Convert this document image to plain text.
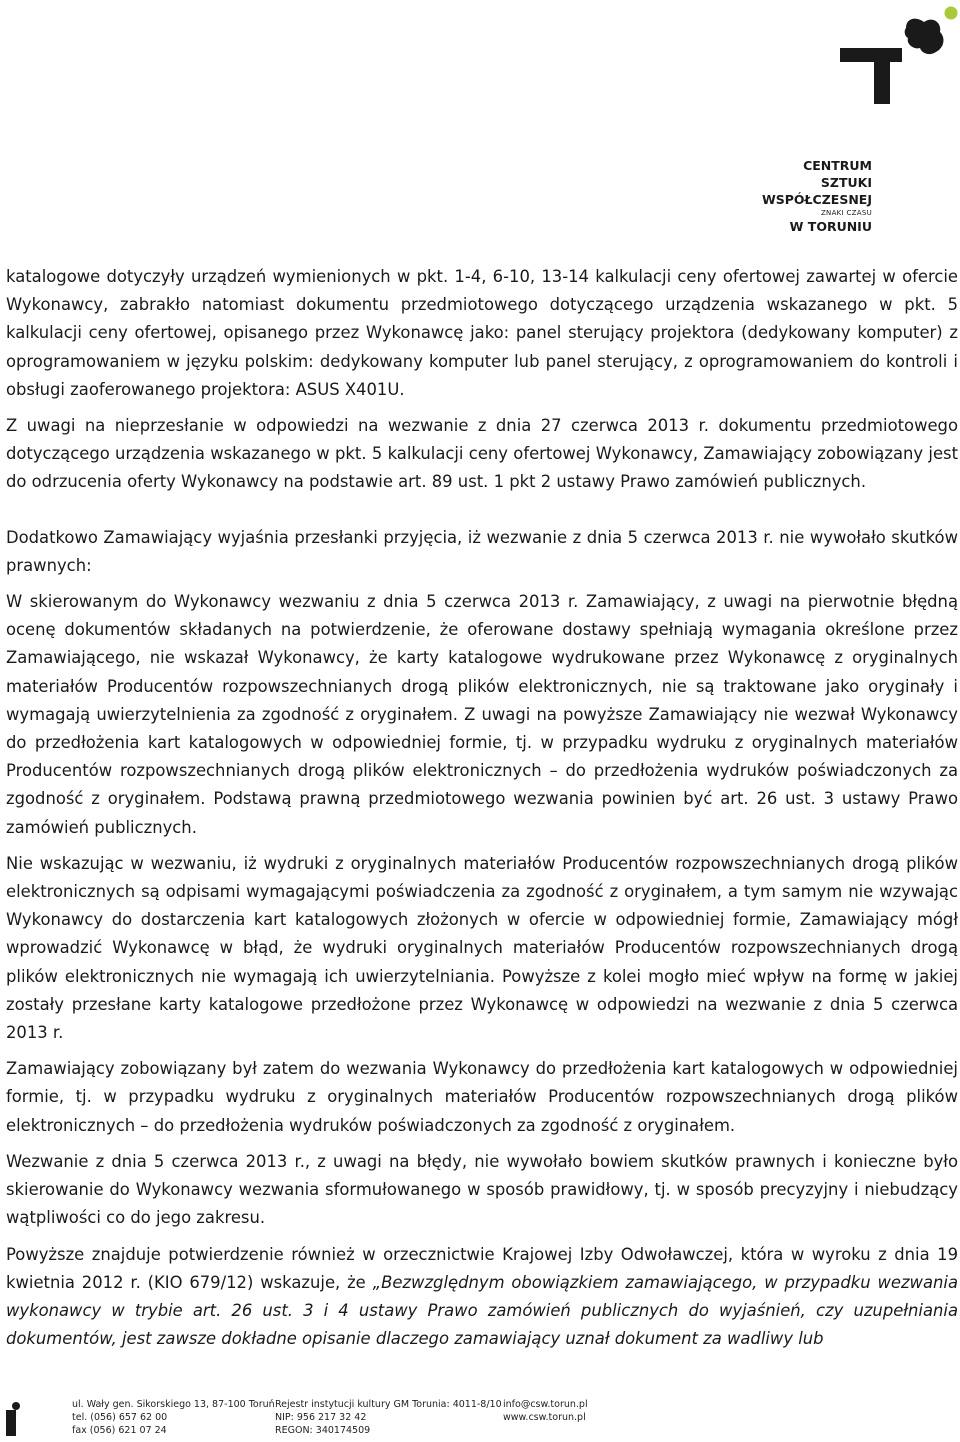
CENTRUM
SZTUKI
WSPÓŁCZESNEJ
ZNAKI CZASU
W TORUNIU

katalogowe dotyczyły urządzeń wymienionych w pkt. 1-4, 6-10, 13-14 kalkulacji ceny ofertowej zawartej w ofercie Wykonawcy, zabrakło natomiast dokumentu przedmiotowego dotyczącego urządzenia wskazanego w pkt. 5 kalkulacji ceny ofertowej, opisanego przez Wykonawcę jako: panel sterujący projektora (dedykowany komputer) z oprogramowaniem w języku polskim: dedykowany komputer lub panel sterujący, z oprogramowaniem do kontroli i obsługi zaoferowanego projektora: ASUS X401U.

Z uwagi na nieprzesłanie w odpowiedzi na wezwanie z dnia 27 czerwca 2013 r. dokumentu przedmiotowego dotyczącego urządzenia wskazanego w pkt. 5 kalkulacji ceny ofertowej Wykonawcy, Zamawiający zobowiązany jest do odrzucenia oferty Wykonawcy na podstawie art. 89 ust. 1 pkt 2 ustawy Prawo zamówień publicznych.

Dodatkowo Zamawiający wyjaśnia przesłanki przyjęcia, iż wezwanie z dnia 5 czerwca 2013 r. nie wywołało skutków prawnych:

W skierowanym do Wykonawcy wezwaniu z dnia 5 czerwca 2013 r. Zamawiający, z uwagi na pierwotnie błędną ocenę dokumentów składanych na potwierdzenie, że oferowane dostawy spełniają wymagania określone przez Zamawiającego, nie wskazał Wykonawcy, że karty katalogowe wydrukowane przez Wykonawcę z oryginalnych materiałów Producentów rozpowszechnianych drogą plików elektronicznych, nie są traktowane jako oryginały i wymagają uwierzytelnienia za zgodność z oryginałem. Z uwagi na powyższe Zamawiający nie wezwał Wykonawcy do przedłożenia kart katalogowych w odpowiedniej formie, tj. w przypadku wydruku z oryginalnych materiałów Producentów rozpowszechnianych drogą plików elektronicznych – do przedłożenia wydruków poświadczonych za zgodność z oryginałem. Podstawą prawną przedmiotowego wezwania powinien być art. 26 ust. 3 ustawy Prawo zamówień publicznych.

Nie wskazując w wezwaniu, iż wydruki z oryginalnych materiałów Producentów rozpowszechnianych drogą plików elektronicznych są odpisami wymagającymi poświadczenia za zgodność z oryginałem, a tym samym nie wzywając Wykonawcy do dostarczenia kart katalogowych złożonych w ofercie w odpowiedniej formie, Zamawiający mógł wprowadzić Wykonawcę w błąd, że wydruki oryginalnych materiałów Producentów rozpowszechnianych drogą plików elektronicznych nie wymagają ich uwierzytelniania. Powyższe z kolei mogło mieć wpływ na formę w jakiej zostały przesłane karty katalogowe przedłożone przez Wykonawcę w odpowiedzi na wezwanie z dnia 5 czerwca 2013 r.

Zamawiający zobowiązany był zatem do wezwania Wykonawcy do przedłożenia kart katalogowych w odpowiedniej formie, tj. w przypadku wydruku z oryginalnych materiałów Producentów rozpowszechnianych drogą plików elektronicznych – do przedłożenia wydruków poświadczonych za zgodność z oryginałem.

Wezwanie z dnia 5 czerwca 2013 r., z uwagi na błędy, nie wywołało bowiem skutków prawnych i konieczne było skierowanie do Wykonawcy wezwania sformułowanego w sposób prawidłowy, tj. w sposób precyzyjny i niebudzący wątpliwości co do jego zakresu.

Powyższe znajduje potwierdzenie również w orzecznictwie Krajowej Izby Odwoławczej, która w wyroku z dnia 19 kwietnia 2012 r. (KIO 679/12) wskazuje, że „Bezwzględnym obowiązkiem zamawiającego, w przypadku wezwania wykonawcy w trybie art. 26 ust. 3 i 4 ustawy Prawo zamówień publicznych do wyjaśnień, czy uzupełniania dokumentów, jest zawsze dokładne opisanie dlaczego zamawiający uznał dokument za wadliwy lub

ul. Wały gen. Sikorskiego 13, 87-100 Toruń
tel. (056) 657 62 00
fax (056) 621 07 24
Rejestr instytucji kultury GM Torunia: 4011-8/10
NIP: 956 217 32 42
REGON: 340174509
info@csw.torun.pl
www.csw.torun.pl
